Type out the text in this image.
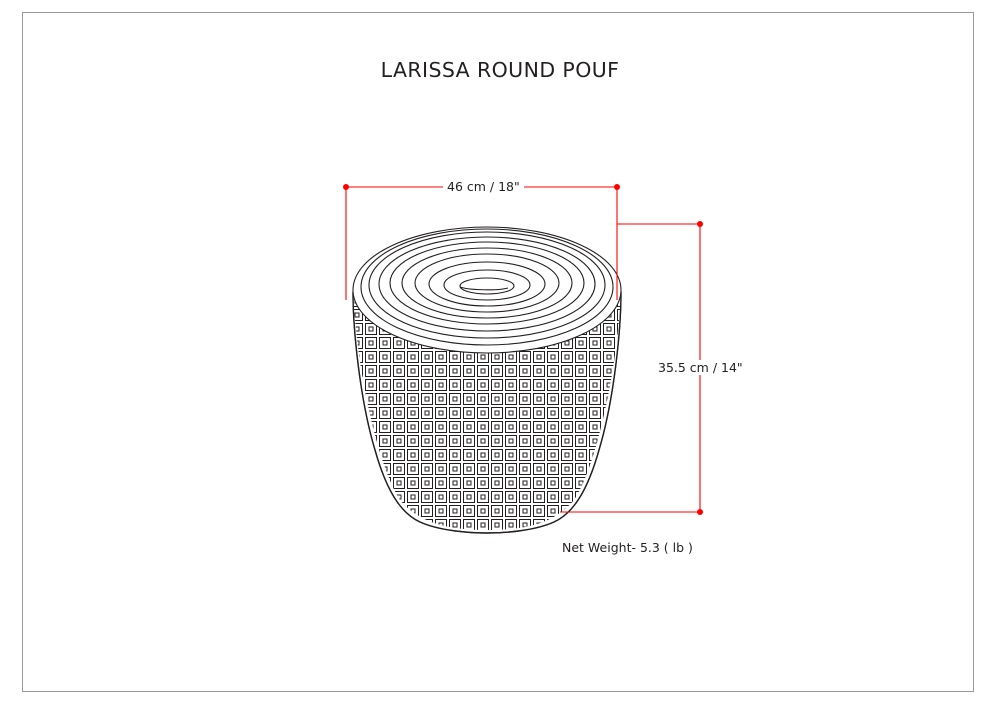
LARISSA ROUND POUF
46 cm / 18"
35.5 cm / 14"
Net Weight- 5.3 ( lb )
